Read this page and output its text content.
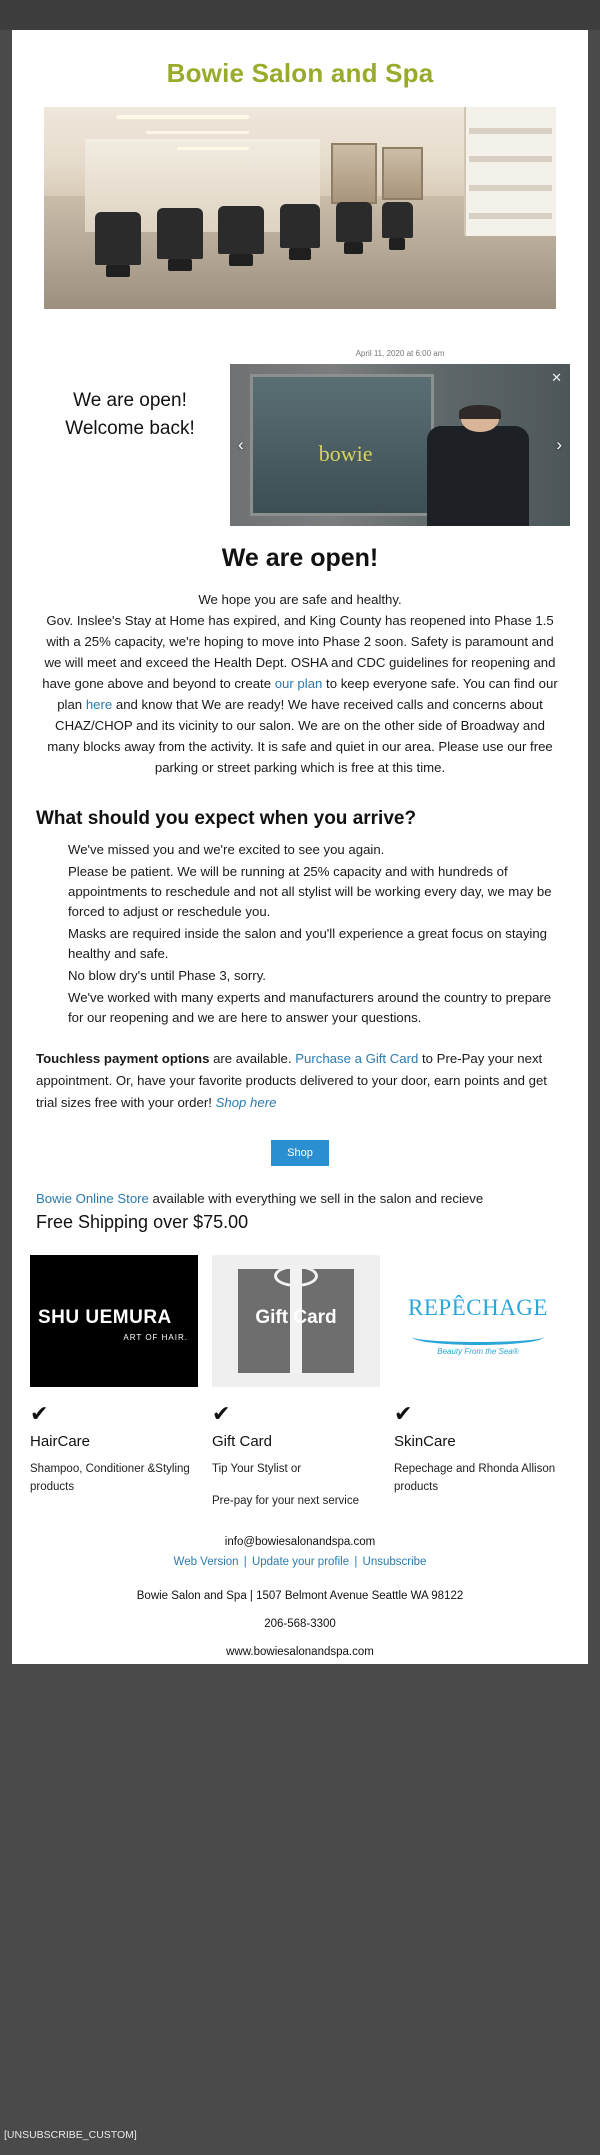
Bowie Salon and Spa
We are open!
Welcome back!
April 11, 2020 at 6:00 am
bowie
✕
‹	›
We are open!
We hope you are safe and healthy.
Gov. Inslee's Stay at Home has expired, and King County has reopened into Phase 1.5 with a 25% capacity, we're hoping to move into Phase 2 soon. Safety is paramount and we will meet and exceed the Health Dept. OSHA and CDC guidelines for reopening and have gone above and beyond to create our plan to keep everyone safe. You can find our plan here and know that We are ready! We have received calls and concerns about CHAZ/CHOP and its vicinity to our salon. We are on the other side of Broadway and many blocks away from the activity. It is safe and quiet in our area. Please use our free parking or street parking which is free at this time.
What should you expect when you arrive?
We've missed you and we're excited to see you again.
Please be patient. We will be running at 25% capacity and with hundreds of appointments to reschedule and not all stylist will be working every day, we may be forced to adjust or reschedule you.
Masks are required inside the salon and you'll experience a great focus on staying healthy and safe.
No blow dry's until Phase 3, sorry.
We've worked with many experts and manufacturers around the country to prepare for our reopening and we are here to answer your questions.
Touchless payment options are available. Purchase a Gift Card to Pre-Pay your next appointment. Or, have your favorite products delivered to your door, earn points and get trial sizes free with your order! Shop here
Shop
Bowie Online Store available with everything we sell in the salon and recieve
Free Shipping over $75.00
SHU UEMURA
ART OF HAIR.
✔
HairCare
Shampoo, Conditioner &Styling products
Gift Card
✔
Gift Card
Tip Your Stylist or
Pre-pay for your next service
REPÊCHAGE
Beauty From the Sea®
✔
SkinCare
Repechage and Rhonda Allison products
info@bowiesalonandspa.com
Web Version | Update your profile | Unsubscribe
Bowie Salon and Spa | 1507 Belmont Avenue Seattle WA 98122
206-568-3300
www.bowiesalonandspa.com
[UNSUBSCRIBE_CUSTOM]
